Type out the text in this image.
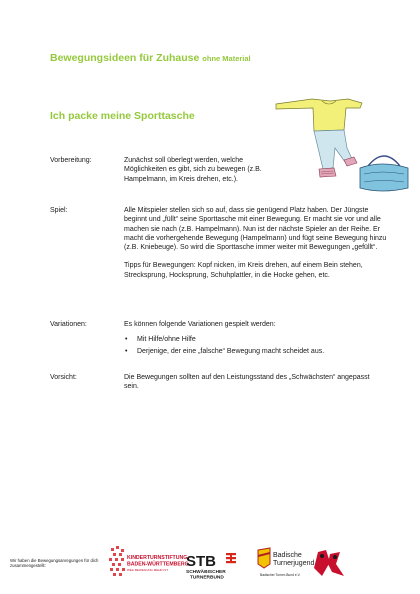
Bewegungsideen für Zuhause ohne Material
Ich packe meine Sporttasche
Vorbereitung:	Zunächst soll überlegt werden, welche Möglichkeiten es gibt, sich zu bewegen (z.B. Hampelmann, im Kreis drehen, etc.).

Spiel:	Alle Mitspieler stellen sich so auf, dass sie genügend Platz haben. Der Jüngste beginnt und „füllt“ seine Sporttasche mit einer Bewegung. Er macht sie vor und alle machen sie nach (z.B. Hampelmann). Nun ist der nächste Spieler an der Reihe. Er macht die vorhergehende Bewegung (Hampelmann) und fügt seine Bewegung hinzu (z.B. Kniebeuge). So wird die Sporttasche immer weiter mit Bewegungen „gefüllt“.

Tipps für Bewegungen: Kopf nicken, im Kreis drehen, auf einem Bein stehen, Strecksprung, Hocksprung, Schuhplattler, in die Hocke gehen, etc.

Variationen:	Es können folgende Variationen gespielt werden:

• Mit Hilfe/ohne Hilfe
• Derjenige, der eine „falsche“ Bewegung macht scheidet aus.
Vorsicht:	Die Bewegungen sollten auf den Leistungsstand des „Schwächsten“ angepasst sein.

Wir haben die Bewegungsanregungen für dich zusammengestellt:
KINDERTURNSTIFTUNG
BADEN-WÜRTTEMBERG
WEIL BEWEGUNG MEHR IST STB
SCHWÄBISCHER
TURNERBUND
Badische
Turnerjugend
Badischer Turner-Bund e.V.
